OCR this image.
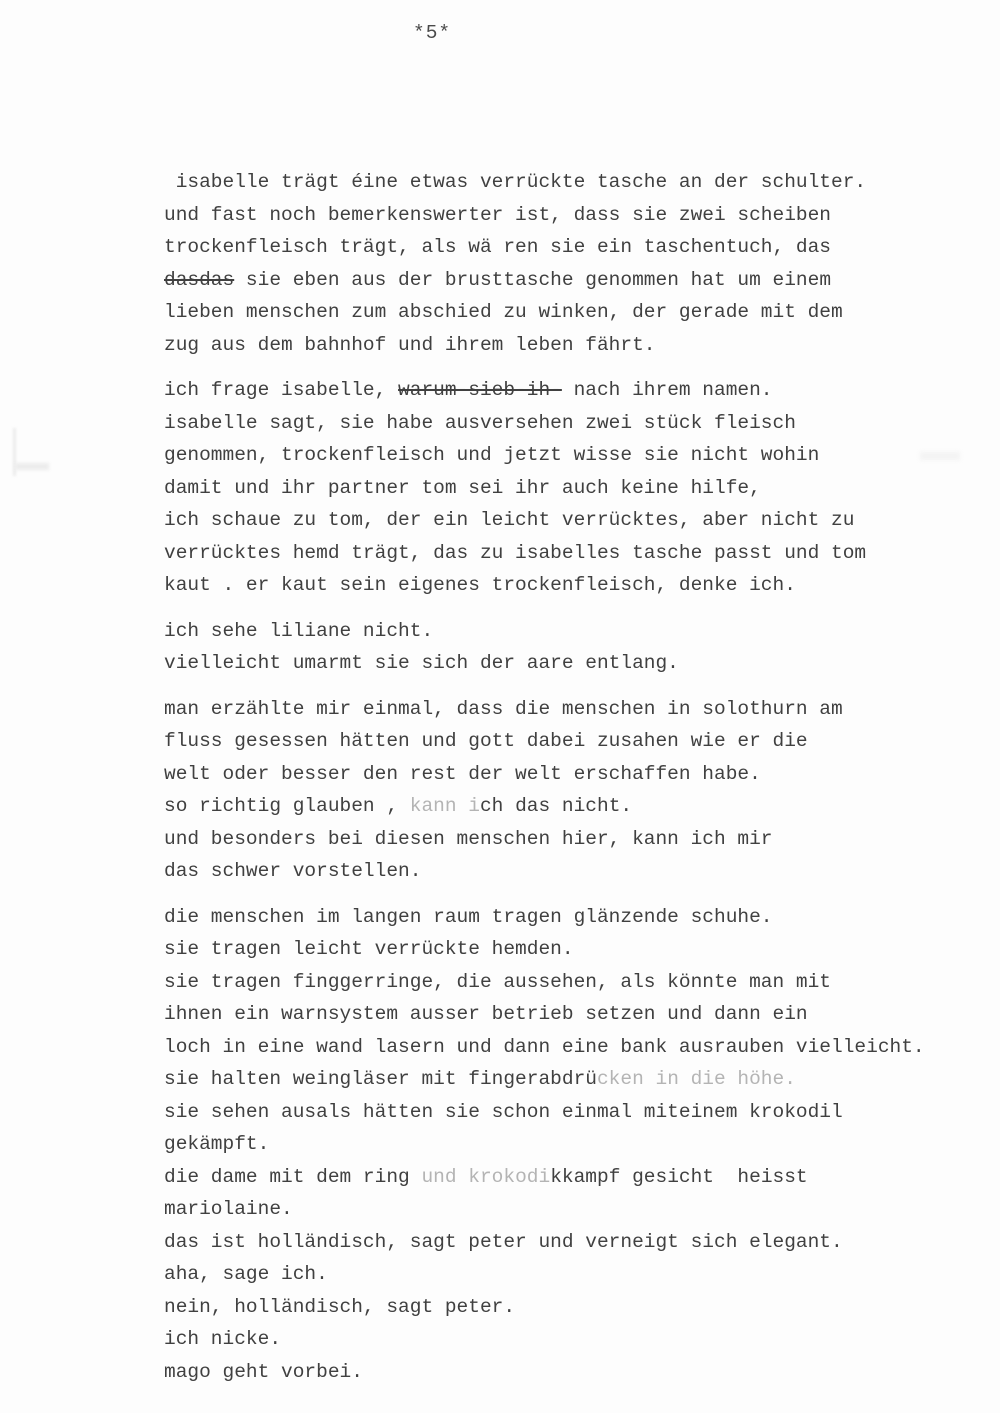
*5*

isabelle trägt éine etwas verrückte tasche an der schulter.
und fast noch bemerkenswerter ist, dass sie zwei scheiben
trockenfleisch trägt, als wä ren sie ein taschentuch, das
dasdas sie eben aus der brusttasche genommen hat um einem
lieben menschen zum abschied zu winken, der gerade mit dem
zug aus dem bahnhof und ihrem leben fährt.

ich frage isabelle, warum-sieb-ih- nach ihrem namen.
isabelle sagt, sie habe ausversehen zwei stück fleisch
genommen, trockenfleisch und jetzt wisse sie nicht wohin
damit und ihr partner tom sei ihr auch keine hilfe,
ich schaue zu tom, der ein leicht verrücktes, aber nicht zu
verrücktes hemd trägt, das zu isabelles tasche passt und tom
kaut . er kaut sein eigenes trockenfleisch, denke ich.

ich sehe liliane nicht.
vielleicht umarmt sie sich der aare entlang.

man erzählte mir einmal, dass die menschen in solothurn am
fluss gesessen hätten und gott dabei zusahen wie er die
welt oder besser den rest der welt erschaffen habe.
so richtig glauben , kann ich das nicht.
und besonders bei diesen menschen hier, kann ich mir
das schwer vorstellen.

die menschen im langen raum tragen glänzende schuhe.
sie tragen leicht verrückte hemden.
sie tragen finggerringe, die aussehen, als könnte man mit
ihnen ein warnsystem ausser betrieb setzen und dann ein
loch in eine wand lasern und dann eine bank ausrauben vielleicht.
sie halten weingläser mit fingerabdrücken in die höhe.
sie sehen ausals hätten sie schon einmal miteinem krokodil
gekämpft.
die dame mit dem ring und krokodikkampf gesicht  heisst
mariolaine.
das ist holländisch, sagt peter und verneigt sich elegant.
aha, sage ich.
nein, holländisch, sagt peter.
ich nicke.
mago geht vorbei.
